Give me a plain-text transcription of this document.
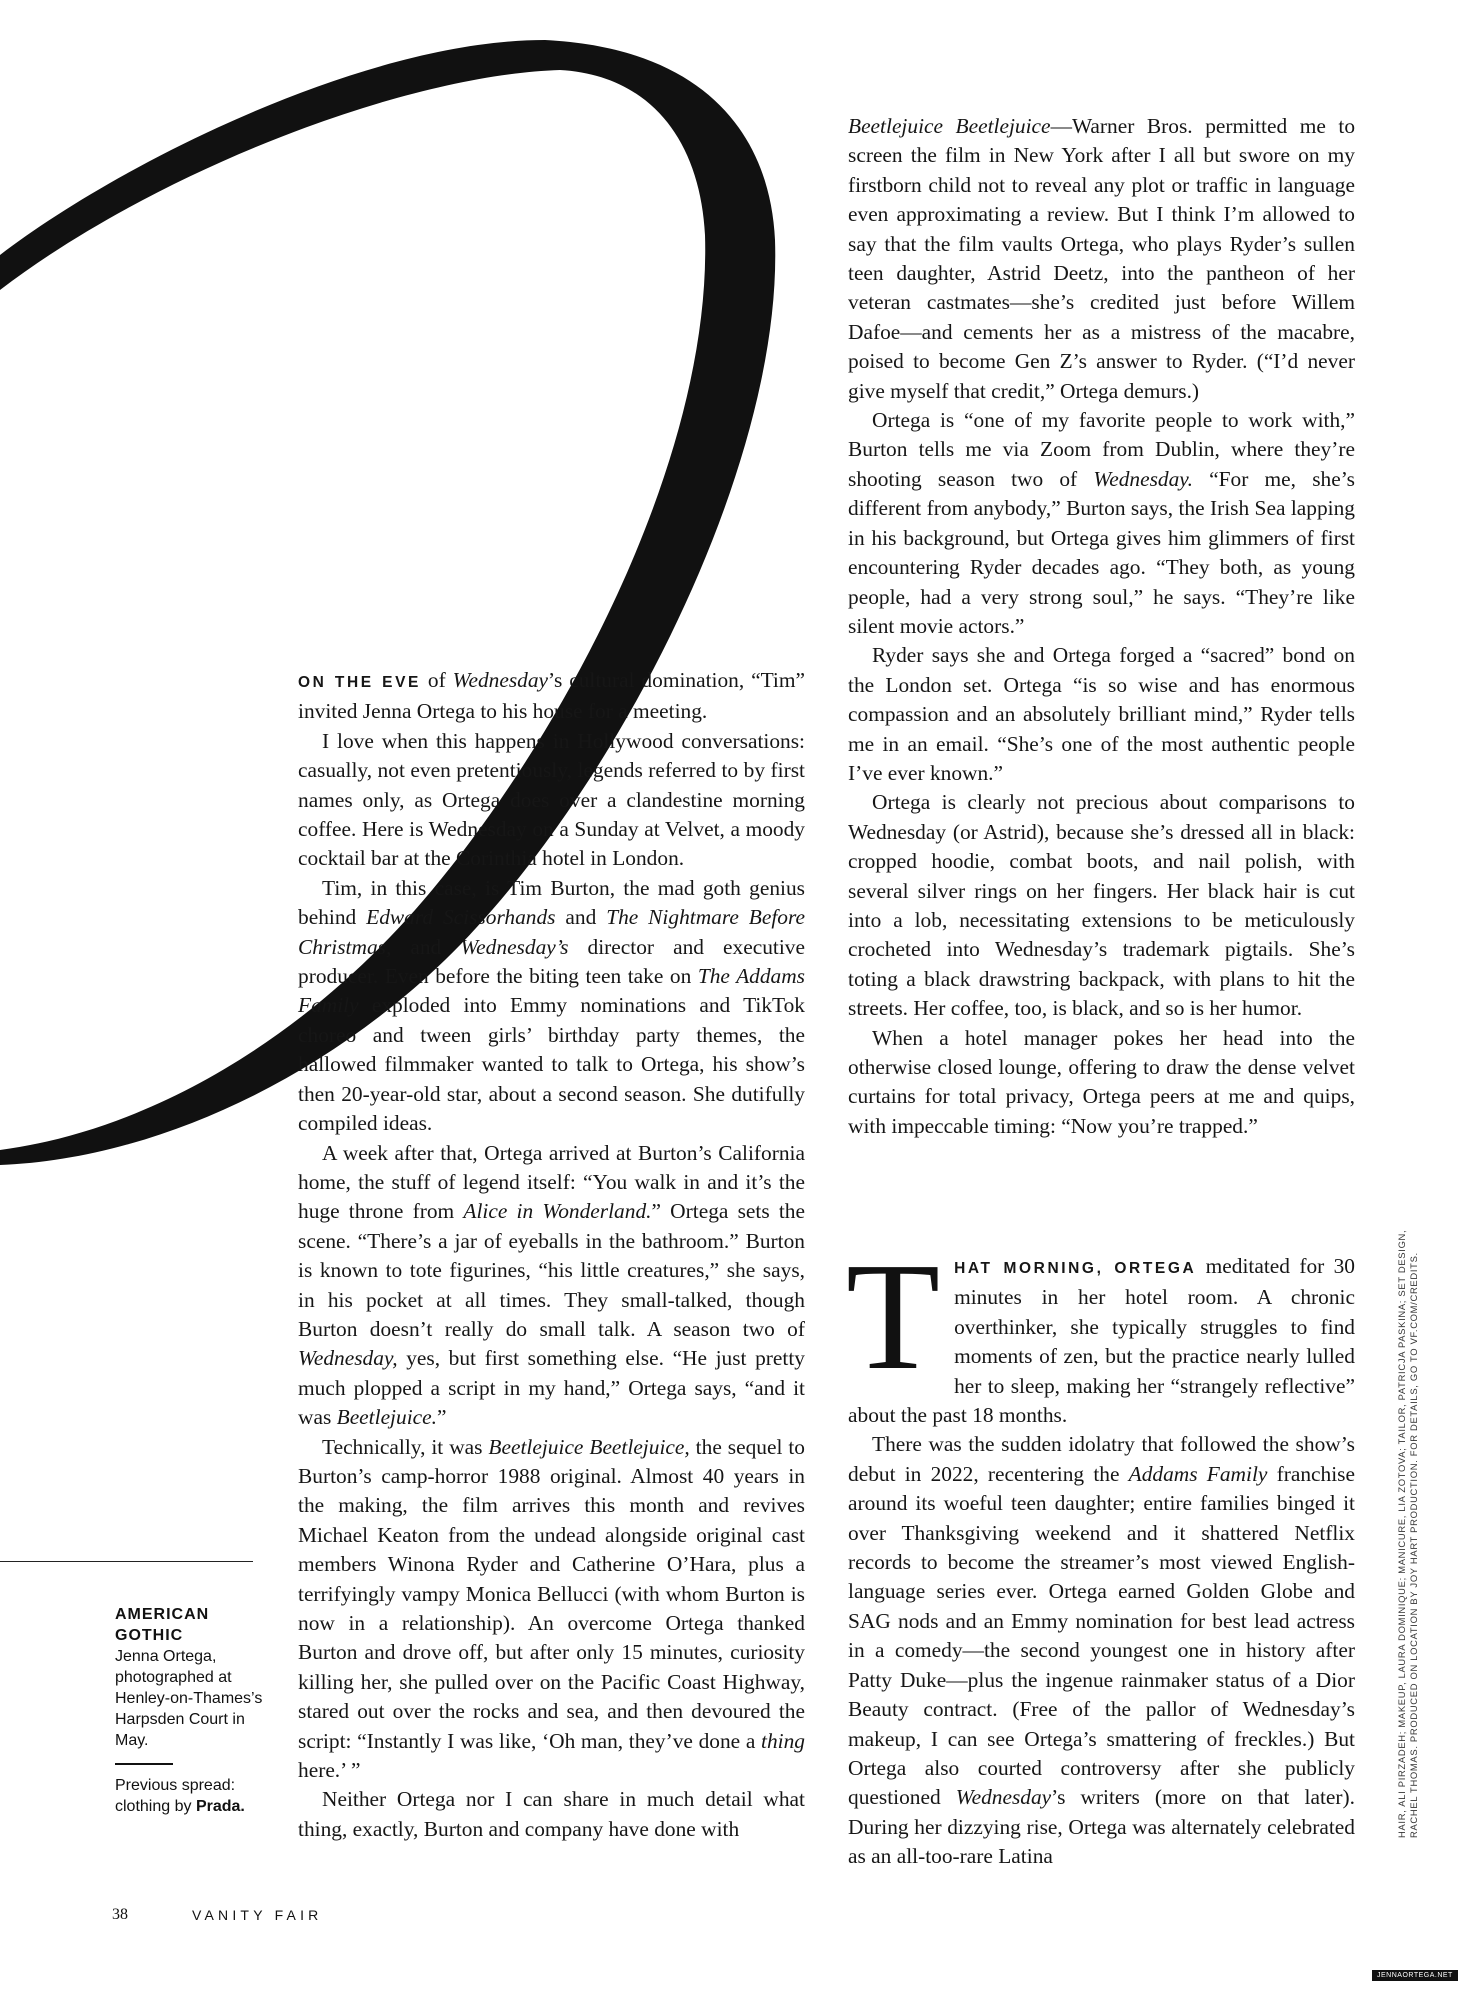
ON THE EVE of Wednesday’s cultural domination, “Tim” invited Jenna Ortega to his house for a meeting.

I love when this happens in Hollywood conversations: casually, not even pretentiously, legends referred to by first names only, as Ortega does over a clandestine morning coffee. Here is Wednesday on a Sunday at Velvet, a moody cocktail bar at the Corinthia hotel in London.

Tim, in this case, is Tim Burton, the mad goth genius behind Edward Scissorhands and The Nightmare Before Christmas, and Wednesday’s director and executive producer. Even before the biting teen take on The Addams Family exploded into Emmy nominations and TikTok choreo and tween girls’ birthday party themes, the hallowed filmmaker wanted to talk to Ortega, his show’s then 20-year-old star, about a second season. She dutifully compiled ideas.

A week after that, Ortega arrived at Burton’s California home, the stuff of legend itself: “You walk in and it’s the huge throne from Alice in Wonderland.” Ortega sets the scene. “There’s a jar of eyeballs in the bathroom.” Burton is known to tote figurines, “his little creatures,” she says, in his pocket at all times. They small-talked, though Burton doesn’t really do small talk. A season two of Wednesday, yes, but first something else. “He just pretty much plopped a script in my hand,” Ortega says, “and it was Beetlejuice.”

Technically, it was Beetlejuice Beetlejuice, the sequel to Burton’s camp-horror 1988 original. Almost 40 years in the making, the film arrives this month and revives Michael Keaton from the undead alongside original cast members Winona Ryder and Catherine O’Hara, plus a terrifyingly vampy Monica Bellucci (with whom Burton is now in a relationship). An overcome Ortega thanked Burton and drove off, but after only 15 minutes, curiosity killing her, she pulled over on the Pacific Coast Highway, stared out over the rocks and sea, and then devoured the script: “Instantly I was like, ‘Oh man, they’ve done a thing here.’ ”

Neither Ortega nor I can share in much detail what thing, exactly, Burton and company have done with

Beetlejuice Beetlejuice—Warner Bros. permitted me to screen the film in New York after I all but swore on my firstborn child not to reveal any plot or traffic in language even approximating a review. But I think I’m allowed to say that the film vaults Ortega, who plays Ryder’s sullen teen daughter, Astrid Deetz, into the pantheon of her veteran castmates—she’s credited just before Willem Dafoe—and cements her as a mistress of the macabre, poised to become Gen Z’s answer to Ryder. (“I’d never give myself that credit,” Ortega demurs.)

Ortega is “one of my favorite people to work with,” Burton tells me via Zoom from Dublin, where they’re shooting season two of Wednesday. “For me, she’s different from anybody,” Burton says, the Irish Sea lapping in his background, but Ortega gives him glimmers of first encountering Ryder decades ago. “They both, as young people, had a very strong soul,” he says. “They’re like silent movie actors.”

Ryder says she and Ortega forged a “sacred” bond on the London set. Ortega “is so wise and has enormous compassion and an absolutely brilliant mind,” Ryder tells me in an email. “She’s one of the most authentic people I’ve ever known.”

Ortega is clearly not precious about comparisons to Wednesday (or Astrid), because she’s dressed all in black: cropped hoodie, combat boots, and nail polish, with several silver rings on her fingers. Her black hair is cut into a lob, necessitating extensions to be meticulously crocheted into Wednesday’s trademark pigtails. She’s toting a black drawstring backpack, with plans to hit the streets. Her coffee, too, is black, and so is her humor.

When a hotel manager pokes her head into the otherwise closed lounge, offering to draw the dense velvet curtains for total privacy, Ortega peers at me and quips, with impeccable timing: “Now you’re trapped.”

THAT MORNING, ORTEGA meditated for 30 minutes in her hotel room. A chronic overthinker, she typically struggles to find moments of zen, but the practice nearly lulled her to sleep, making her “strangely reflective” about the past 18 months.

There was the sudden idolatry that followed the show’s debut in 2022, recentering the Addams Family franchise around its woeful teen daughter; entire families binged it over Thanksgiving weekend and it shattered Netflix records to become the streamer’s most viewed English-language series ever. Ortega earned Golden Globe and SAG nods and an Emmy nomination for best lead actress in a comedy—the second youngest one in history after Patty Duke—plus the ingenue rainmaker status of a Dior Beauty contract. (Free of the pallor of Wednesday’s makeup, I can see Ortega’s smattering of freckles.) But Ortega also courted controversy after she publicly questioned Wednesday’s writers (more on that later). During her dizzying rise, Ortega was alternately celebrated as an all-too-rare Latina

AMERICAN
GOTHIC
Jenna Ortega, photographed at Henley-on-Thames’s Harpsden Court in May.
Previous spread: clothing by Prada.
38	VANITY FAIR
HAIR, ALI PIRZADEH; MAKEUP, LAURA DOMINIQUE; MANICURE, LIA ZOTOVA; TAILOR, PATRICJA PASKINA; SET DESIGN, RACHEL THOMAS. PRODUCED ON LOCATION BY JOY HART PRODUCTION. FOR DETAILS, GO TO VF.COM/CREDITS.
JENNAORTEGA.NET
